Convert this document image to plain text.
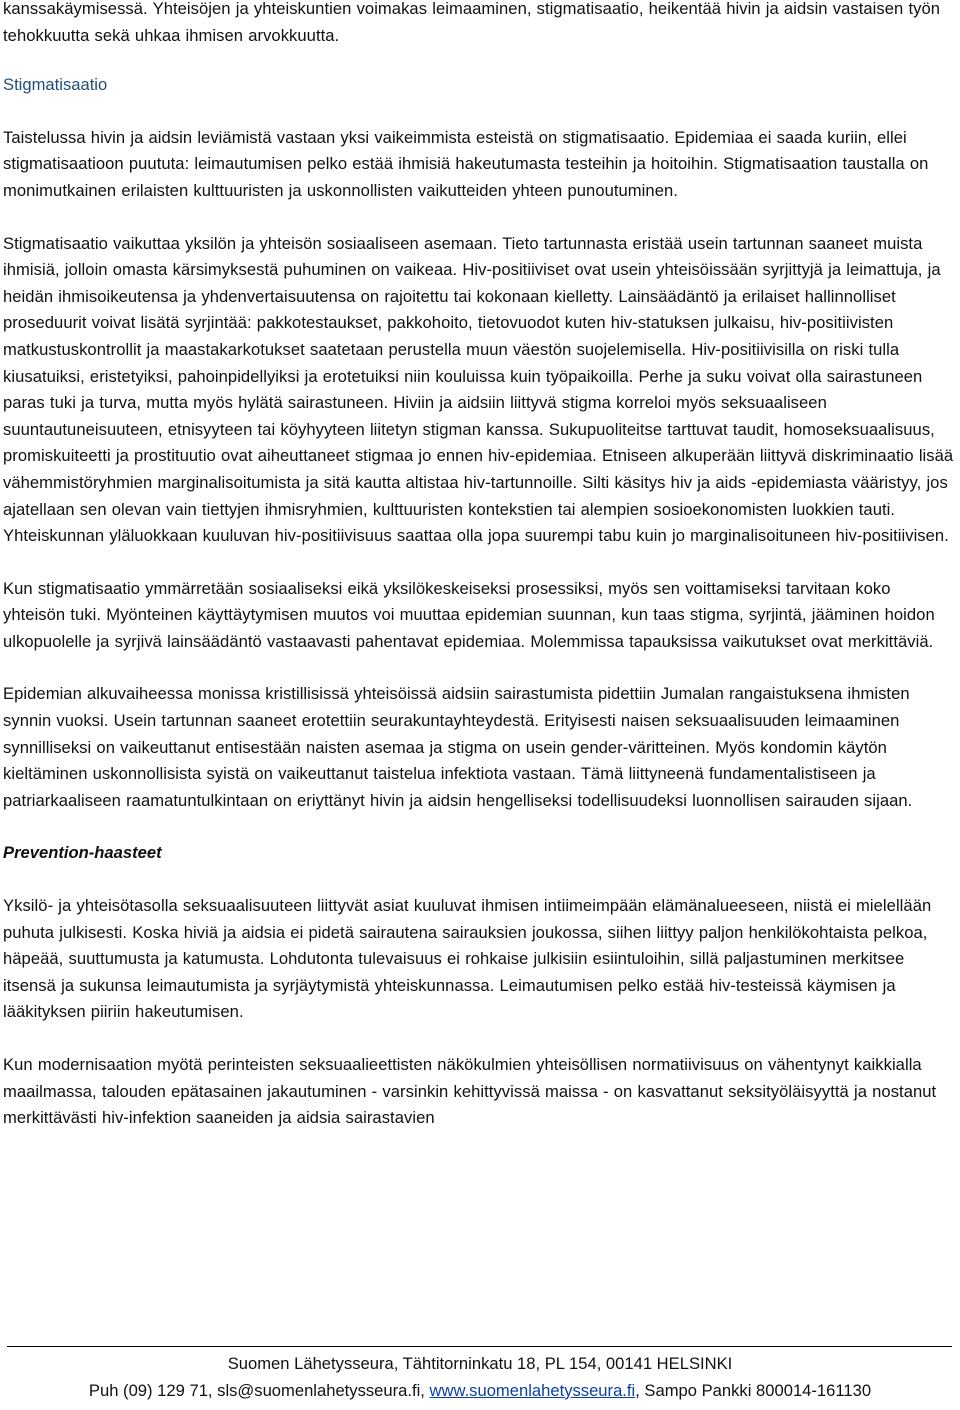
kanssakäymisessä. Yhteisöjen ja yhteiskuntien voimakas leimaaminen, stigmatisaatio, heikentää hivin ja aidsin vastaisen työn tehokkuutta sekä uhkaa ihmisen arvokkuutta.

Stigmatisaatio

Taistelussa hivin ja aidsin leviämistä vastaan yksi vaikeimmista esteistä on stigmatisaatio. Epidemiaa ei saada kuriin, ellei stigmatisaatioon puututa: leimautumisen pelko estää ihmisiä hakeutumasta testeihin ja hoitoihin. Stigmatisaation taustalla on monimutkainen erilaisten kulttuuristen ja uskonnollisten vaikutteiden yhteen punoutuminen.

Stigmatisaatio vaikuttaa yksilön ja yhteisön sosiaaliseen asemaan. Tieto tartunnasta eristää usein tartunnan saaneet muista ihmisiä, jolloin omasta kärsimyksestä puhuminen on vaikeaa. Hiv-positiiviset ovat usein yhteisöissään syrjittyjä ja leimattuja, ja heidän ihmisoikeutensa ja yhdenvertaisuutensa on rajoitettu tai kokonaan kielletty. Lainsäädäntö ja erilaiset hallinnolliset proseduurit voivat lisätä syrjintää: pakkotestaukset, pakkohoito, tietovuodot kuten hiv-statuksen julkaisu, hiv-positiivisten matkustuskontrollit ja maastakarkotukset saatetaan perustella muun väestön suojelemisella. Hiv-positiivisilla on riski tulla kiusatuiksi, eristetyiksi, pahoinpidellyiksi ja erotetuiksi niin kouluissa kuin työpaikoilla. Perhe ja suku voivat olla sairastuneen paras tuki ja turva, mutta myös hylätä sairastuneen. Hiviin ja aidsiin liittyvä stigma korreloi myös seksuaaliseen suuntautuneisuuteen, etnisyyteen tai köyhyyteen liitetyn stigman kanssa. Sukupuoliteitse tarttuvat taudit, homoseksuaalisuus, promiskuiteetti ja prostituutio ovat aiheuttaneet stigmaa jo ennen hiv-epidemiaa. Etniseen alkuperään liittyvä diskriminaatio lisää vähemmistöryhmien marginalisoitumista ja sitä kautta altistaa hiv-tartunnoille. Silti käsitys hiv ja aids -epidemiasta vääristyy, jos ajatellaan sen olevan vain tiettyjen ihmisryhmien, kulttuuristen kontekstien tai alempien sosioekonomisten luokkien tauti. Yhteiskunnan yläluokkaan kuuluvan hiv-positiivisuus saattaa olla jopa suurempi tabu kuin jo marginalisoituneen hiv-positiivisen.

Kun stigmatisaatio ymmärretään sosiaaliseksi eikä yksilökeskeiseksi prosessiksi, myös sen voittamiseksi tarvitaan koko yhteisön tuki. Myönteinen käyttäytymisen muutos voi muuttaa epidemian suunnan, kun taas stigma, syrjintä, jääminen hoidon ulkopuolelle ja syrjivä lainsäädäntö vastaavasti pahentavat epidemiaa. Molemmissa tapauksissa vaikutukset ovat merkittäviä.

Epidemian alkuvaiheessa monissa kristillisissä yhteisöissä aidsiin sairastumista pidettiin Jumalan rangaistuksena ihmisten synnin vuoksi. Usein tartunnan saaneet erotettiin seurakuntayhteydestä. Erityisesti naisen seksuaalisuuden leimaaminen synnilliseksi on vaikeuttanut entisestään naisten asemaa ja stigma on usein gender-väritteinen. Myös kondomin käytön kieltäminen uskonnollisista syistä on vaikeuttanut taistelua infektiota vastaan. Tämä liittyneenä fundamentalistiseen ja patriarkaaliseen raamatuntulkintaan on eriyttänyt hivin ja aidsin hengelliseksi todellisuudeksi luonnollisen sairauden sijaan.

Prevention-haasteet

Yksilö- ja yhteisötasolla seksuaalisuuteen liittyvät asiat kuuluvat ihmisen intiimeimpään elämänalueeseen, niistä ei mielellään puhuta julkisesti. Koska hiviä ja aidsia ei pidetä sairautena sairauksien joukossa, siihen liittyy paljon henkilökohtaista pelkoa, häpeää, suuttumusta ja katumusta. Lohdutonta tulevaisuus ei rohkaise julkisiin esiintuloihin, sillä paljastuminen merkitsee itsensä ja sukunsa leimautumista ja syrjäytymistä yhteiskunnassa. Leimautumisen pelko estää hiv-testeissä käymisen ja lääkityksen piiriin hakeutumisen.

Kun modernisaation myötä perinteisten seksuaalieettisten näkökulmien yhteisöllisen normatiivisuus on vähentynyt kaikkialla maailmassa, talouden epätasainen jakautuminen - varsinkin kehittyvissä maissa - on kasvattanut seksityöläisyyttä ja nostanut merkittävästi hiv-infektion saaneiden ja aidsia sairastavien

Suomen Lähetysseura, Tähtitorninkatu 18, PL 154, 00141 HELSINKI
Puh (09) 129 71, sls@suomenlahetysseura.fi, www.suomenlahetysseura.fi, Sampo Pankki 800014-161130
